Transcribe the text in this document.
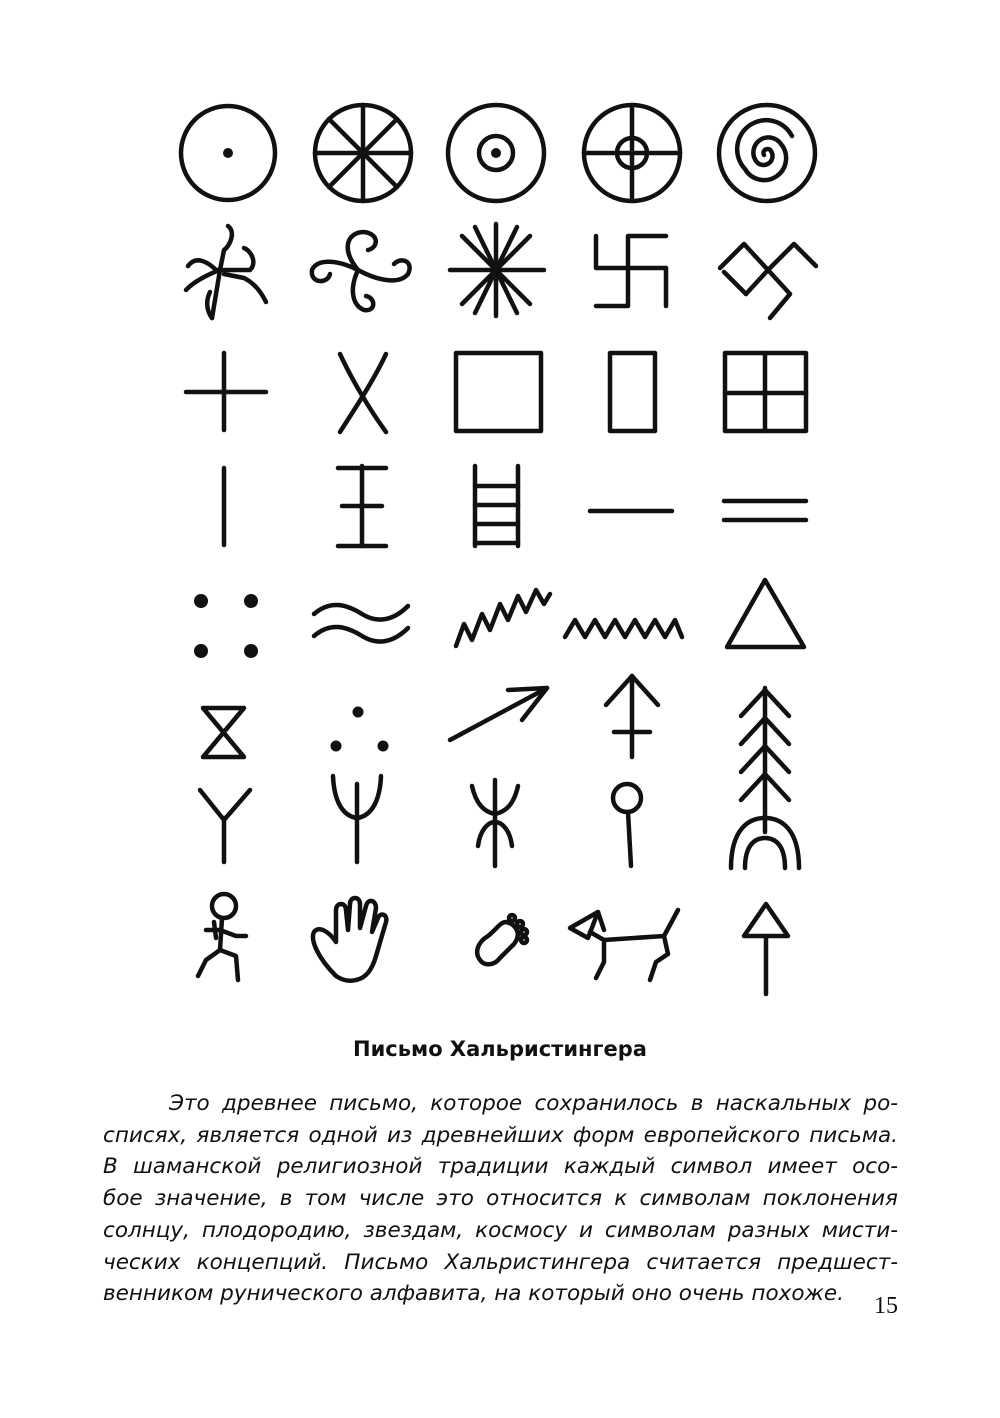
Письмо Хальристингера

Это древнее письмо, которое сохранилось в наскальных ро-
списях, является одной из древнейших форм европейского письма.
В шаманской религиозной традиции каждый символ имеет осо-
бое значение, в том числе это относится к символам поклонения
солнцу, плодородию, звездам, космосу и символам разных мисти-
ческих концепций. Письмо Хальристингера считается предшест-
венником рунического алфавита, на который оно очень похоже.	15
